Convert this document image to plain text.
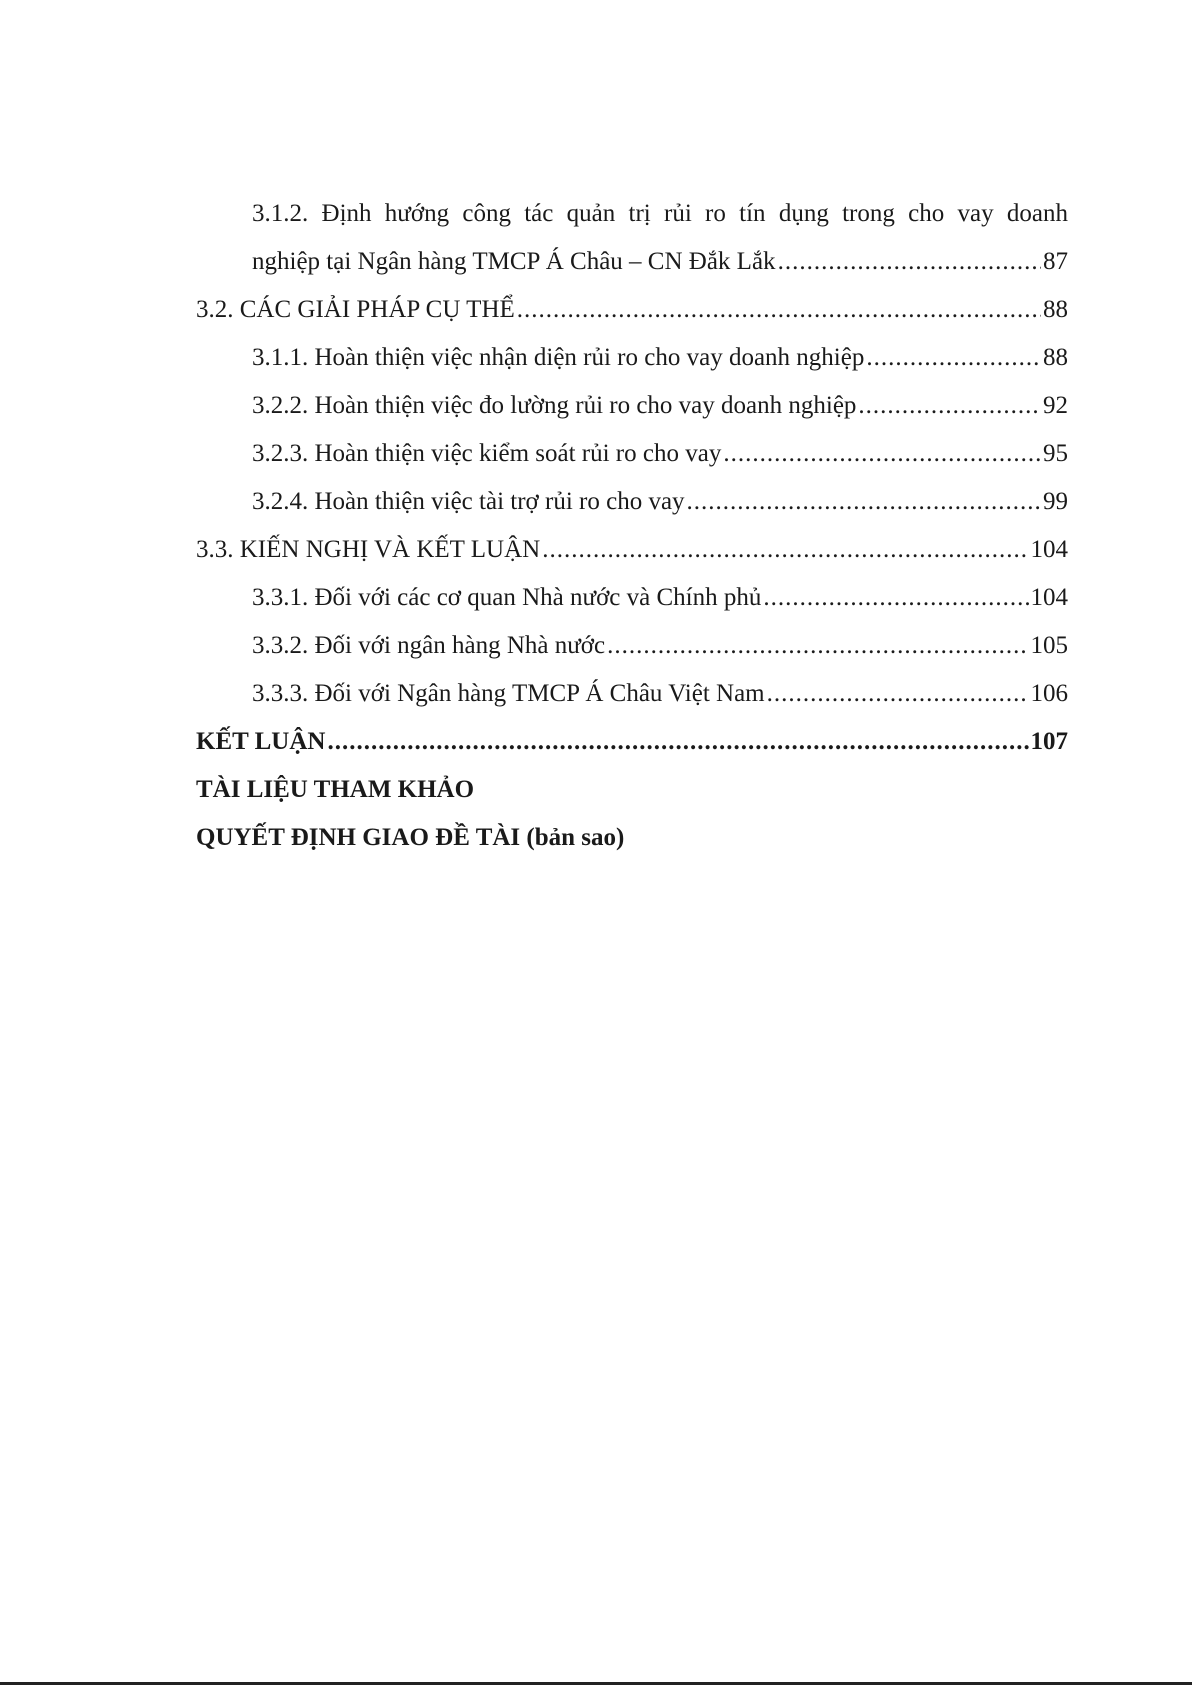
3.1.2. Định hướng công tác quản trị rủi ro tín dụng trong cho vay doanh
nghiệp tại Ngân hàng TMCP Á Châu – CN Đắk Lắk .....	87
3.2. CÁC GIẢI PHÁP CỤ THỂ .....	88
3.1.1. Hoàn thiện việc nhận diện rủi ro cho vay doanh nghiệp .....	88
3.2.2. Hoàn thiện việc đo lường rủi ro cho vay doanh nghiệp .....	92
3.2.3. Hoàn thiện việc kiểm soát rủi ro cho vay .....	95
3.2.4. Hoàn thiện việc tài trợ rủi ro cho vay .....	99
3.3. KIẾN NGHỊ VÀ KẾT LUẬN .....	104
3.3.1. Đối với các cơ quan Nhà nước và Chính phủ .....	104
3.3.2. Đối với ngân hàng Nhà nước .....	105
3.3.3. Đối với Ngân hàng TMCP Á Châu Việt Nam .....	106
KẾT LUẬN .....	107
TÀI LIỆU THAM KHẢO
QUYẾT ĐỊNH GIAO ĐỀ TÀI (bản sao)
